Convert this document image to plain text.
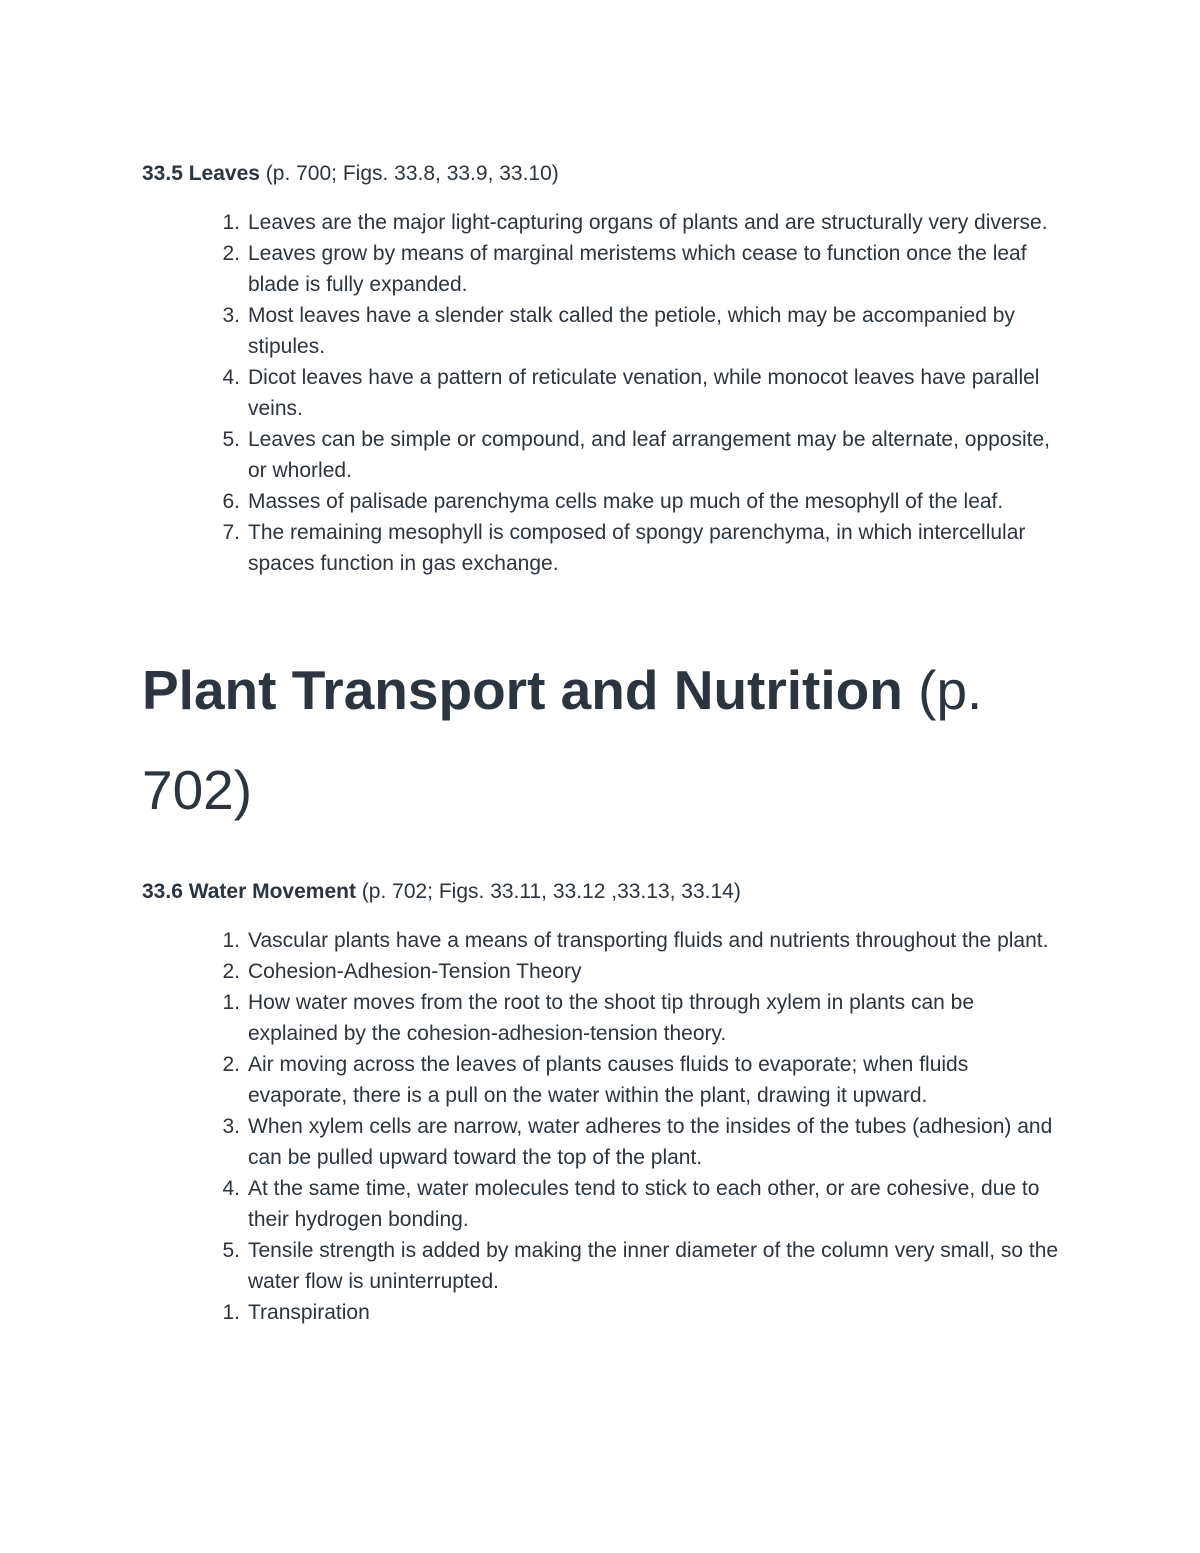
33.5 Leaves (p. 700; Figs. 33.8, 33.9, 33.10)
1. Leaves are the major light-capturing organs of plants and are structurally very diverse.
2. Leaves grow by means of marginal meristems which cease to function once the leaf blade is fully expanded.
3. Most leaves have a slender stalk called the petiole, which may be accompanied by stipules.
4. Dicot leaves have a pattern of reticulate venation, while monocot leaves have parallel veins.
5. Leaves can be simple or compound, and leaf arrangement may be alternate, opposite, or whorled.
6. Masses of palisade parenchyma cells make up much of the mesophyll of the leaf.
7. The remaining mesophyll is composed of spongy parenchyma, in which intercellular spaces function in gas exchange.
Plant Transport and Nutrition (p. 702)
33.6 Water Movement (p. 702; Figs. 33.11, 33.12 ,33.13, 33.14)
1. Vascular plants have a means of transporting fluids and nutrients throughout the plant.
2. Cohesion-Adhesion-Tension Theory
1. How water moves from the root to the shoot tip through xylem in plants can be explained by the cohesion-adhesion-tension theory.
2. Air moving across the leaves of plants causes fluids to evaporate; when fluids evaporate, there is a pull on the water within the plant, drawing it upward.
3. When xylem cells are narrow, water adheres to the insides of the tubes (adhesion) and can be pulled upward toward the top of the plant.
4. At the same time, water molecules tend to stick to each other, or are cohesive, due to their hydrogen bonding.
5. Tensile strength is added by making the inner diameter of the column very small, so the water flow is uninterrupted.
1. Transpiration
